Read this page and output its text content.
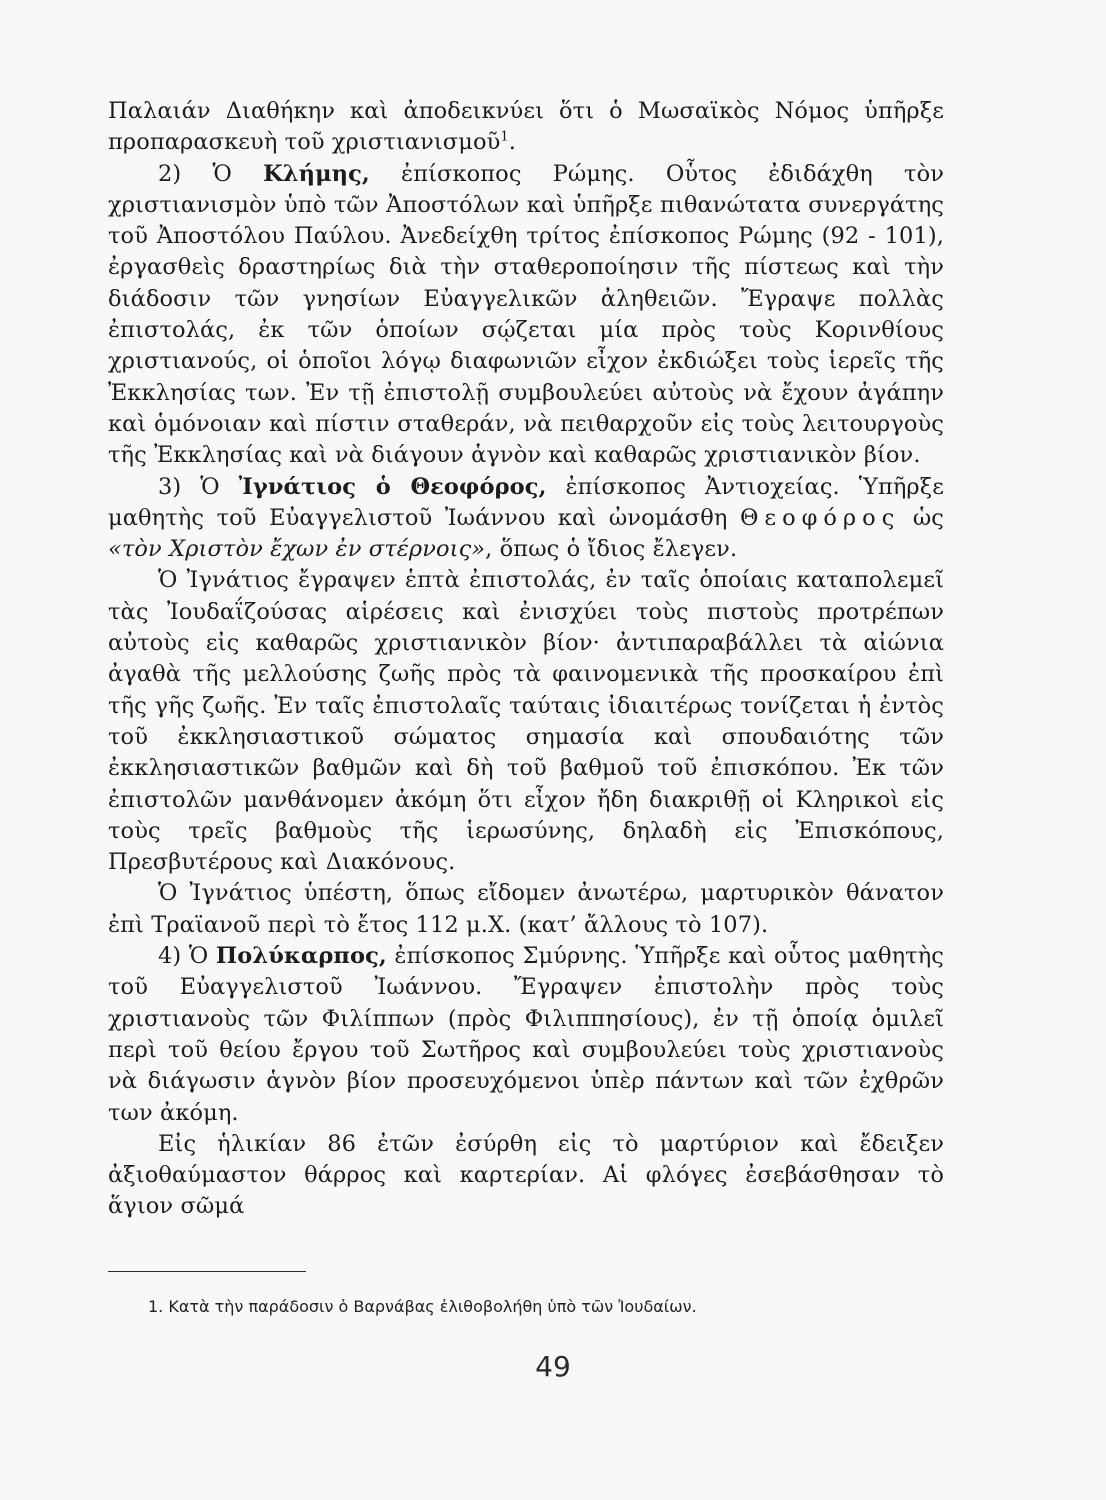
Παλαιάν Διαθήκην καὶ ἀποδεικνύει ὅτι ὁ Μωσαϊκὸς Νόμος ὑπῆρξε προπαρασκευὴ τοῦ χριστιανισμοῦ$^1$.

2) Ὁ Κλήμης, ἐπίσκοπος Ρώμης. Οὗτος ἐδιδάχθη τὸν χριστιανισμὸν ὑπὸ τῶν Ἀποστόλων καὶ ὑπῆρξε πιθανώτατα συνεργάτης τοῦ Ἀποστόλου Παύλου. Ἀνεδείχθη τρίτος ἐπίσκοπος Ρώμης (92 - 101), ἐργασθεὶς δραστηρίως διὰ τὴν σταθεροποίησιν τῆς πίστεως καὶ τὴν διάδοσιν τῶν γνησίων Εὐαγγελικῶν ἀληθειῶν. Ἔγραψε πολλὰς ἐπιστολάς, ἐκ τῶν ὁποίων σῴζεται μία πρὸς τοὺς Κορινθίους χριστιανούς, οἱ ὁποῖοι λόγῳ διαφωνιῶν εἶχον ἐκδιώξει τοὺς ἱερεῖς τῆς Ἐκκλησίας των. Ἐν τῇ ἐπιστολῇ συμβουλεύει αὐτοὺς νὰ ἔχουν ἀγάπην καὶ ὁμόνοιαν καὶ πίστιν σταθεράν, νὰ πειθαρχοῦν εἰς τοὺς λειτουργοὺς τῆς Ἐκκλησίας καὶ νὰ διάγουν ἁγνὸν καὶ καθαρῶς χριστιανικὸν βίον.

3) Ὁ Ἰγνάτιος ὁ Θεοφόρος, ἐπίσκοπος Ἀντιοχείας. Ὑπῆρξε μαθητὴς τοῦ Εὐαγγελιστοῦ Ἰωάννου καὶ ὠνομάσθη Θεοφόρος ὡς «τὸν Χριστὸν ἔχων ἐν στέρνοις», ὅπως ὁ ἴδιος ἔλεγεν.

Ὁ Ἰγνάτιος ἔγραψεν ἑπτὰ ἐπιστολάς, ἐν ταῖς ὁποίαις καταπολεμεῖ τὰς Ἰουδαΐζούσας αἱρέσεις καὶ ἐνισχύει τοὺς πιστοὺς προτρέπων αὐτοὺς εἰς καθαρῶς χριστιανικὸν βίον· ἀντιπαραβάλλει τὰ αἰώνια ἀγαθὰ τῆς μελλούσης ζωῆς πρὸς τὰ φαινομενικὰ τῆς προσκαίρου ἐπὶ τῆς γῆς ζωῆς. Ἐν ταῖς ἐπιστολαῖς ταύταις ἰδιαιτέρως τονίζεται ἡ ἐντὸς τοῦ ἐκκλησιαστικοῦ σώματος σημασία καὶ σπουδαιότης τῶν ἐκκλησιαστικῶν βαθμῶν καὶ δὴ τοῦ βαθμοῦ τοῦ ἐπισκόπου. Ἐκ τῶν ἐπιστολῶν μανθάνομεν ἀκόμη ὅτι εἶχον ἤδη διακριθῇ οἱ Κληρικοὶ εἰς τοὺς τρεῖς βαθμοὺς τῆς ἱερωσύνης, δηλαδὴ εἰς Ἐπισκόπους, Πρεσβυτέρους καὶ Διακόνους.

Ὁ Ἰγνάτιος ὑπέστη, ὅπως εἴδομεν ἀνωτέρω, μαρτυρικὸν θάνατον ἐπὶ Τραϊανοῦ περὶ τὸ ἔτος 112 μ.Χ. (κατ’ ἄλλους τὸ 107).

4) Ὁ Πολύκαρπος, ἐπίσκοπος Σμύρνης. Ὑπῆρξε καὶ οὗτος μαθητὴς τοῦ Εὐαγγελιστοῦ Ἰωάννου. Ἔγραψεν ἐπιστολὴν πρὸς τοὺς χριστιανοὺς τῶν Φιλίππων (πρὸς Φιλιππησίους), ἐν τῇ ὁποίᾳ ὁμιλεῖ περὶ τοῦ θείου ἔργου τοῦ Σωτῆρος καὶ συμβουλεύει τοὺς χριστιανοὺς νὰ διάγωσιν ἁγνὸν βίον προσευχόμενοι ὑπὲρ πάντων καὶ τῶν ἐχθρῶν των ἀκόμη.

Εἰς ἡλικίαν 86 ἐτῶν ἐσύρθη εἰς τὸ μαρτύριον καὶ ἔδειξεν ἀξιοθαύμαστον θάρρος καὶ καρτερίαν. Αἱ φλόγες ἐσεβάσθησαν τὸ ἅγιον σῶμά

1. Κατὰ τὴν παράδοσιν ὁ Βαρνάβας ἐλιθοβολήθη ὑπὸ τῶν Ἰουδαίων.
49
